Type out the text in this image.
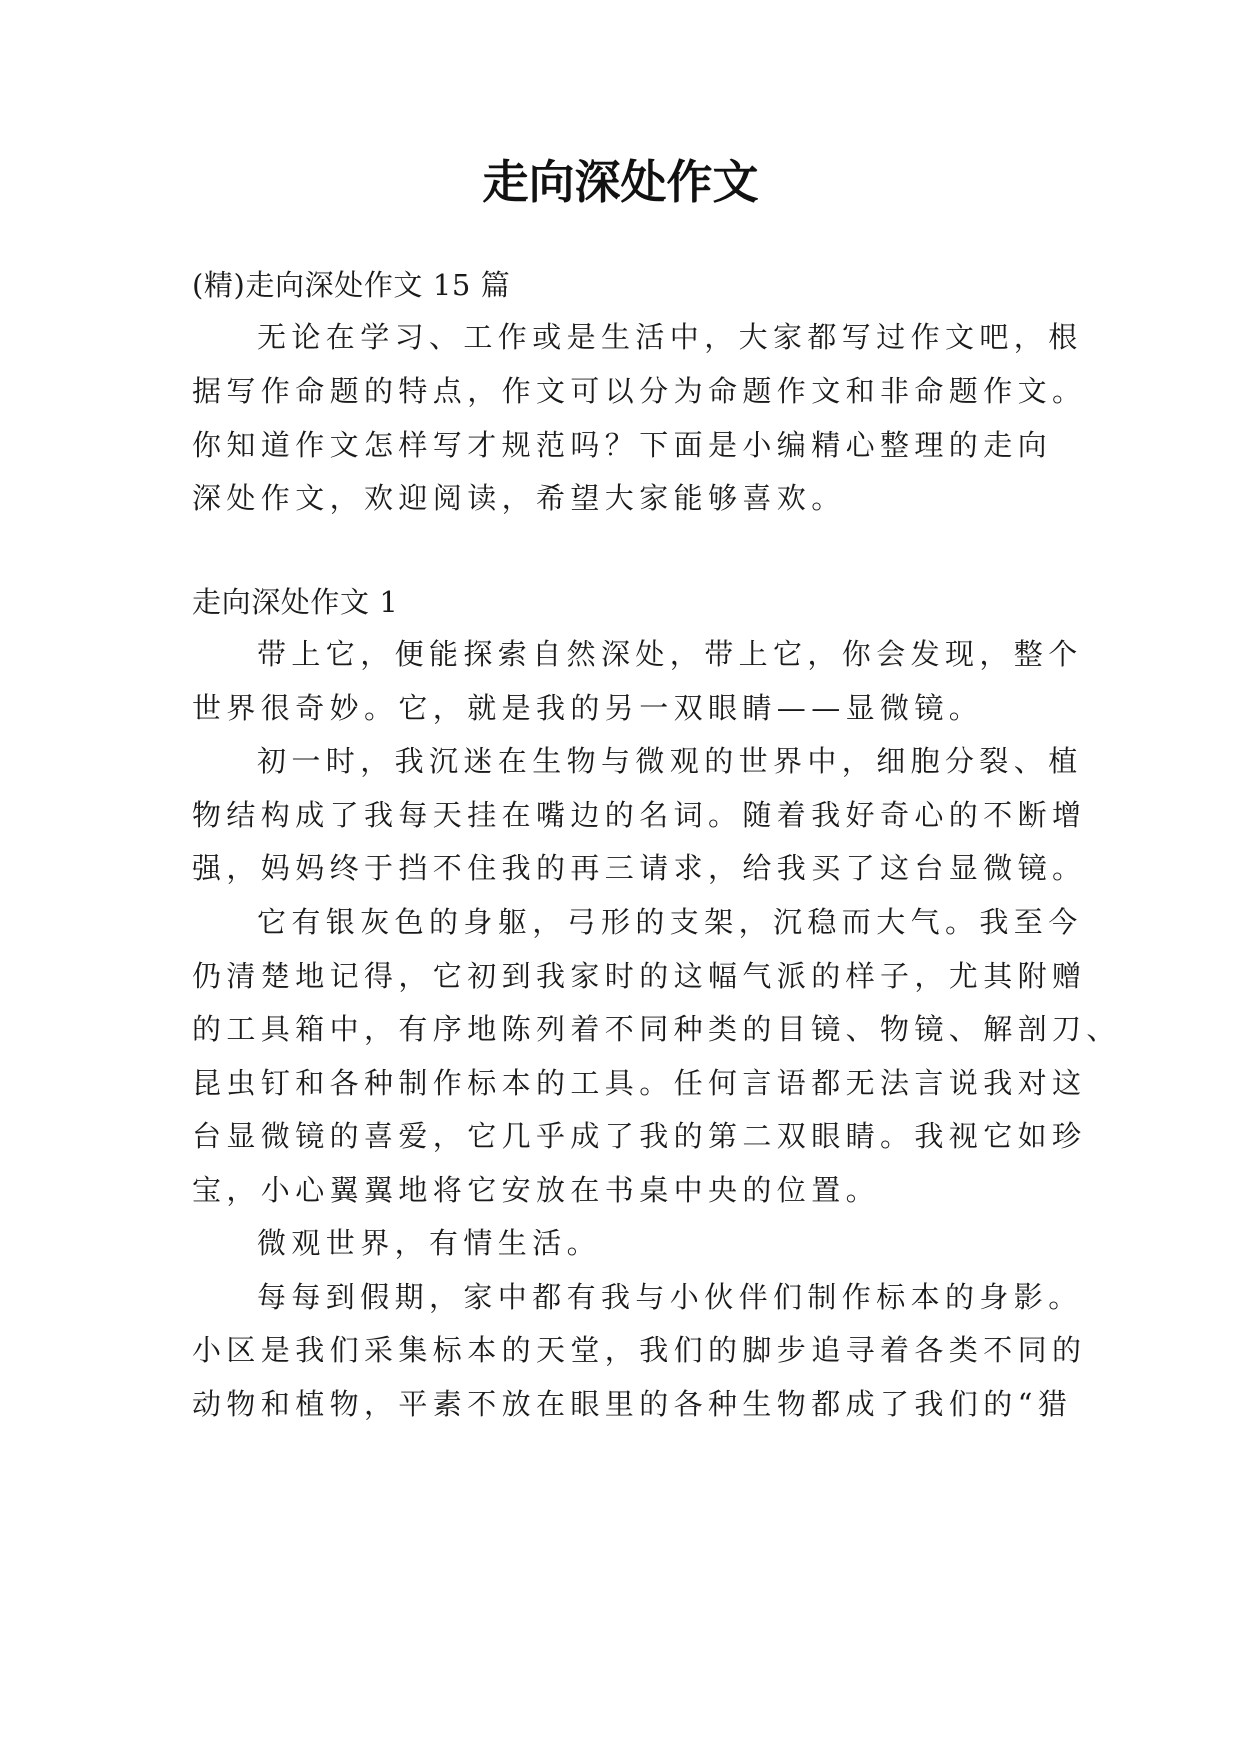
走向深处作文
(精)走向深处作文 15 篇
无论在学习、工作或是生活中，大家都写过作文吧，根
据写作命题的特点，作文可以分为命题作文和非命题作文。
你知道作文怎样写才规范吗？下面是小编精心整理的走向
深处作文，欢迎阅读，希望大家能够喜欢。
走向深处作文 1
带上它，便能探索自然深处，带上它，你会发现，整个
世界很奇妙。它，就是我的另一双眼睛——显微镜。
初一时，我沉迷在生物与微观的世界中，细胞分裂、植
物结构成了我每天挂在嘴边的名词。随着我好奇心的不断增
强，妈妈终于挡不住我的再三请求，给我买了这台显微镜。
它有银灰色的身躯，弓形的支架，沉稳而大气。我至今
仍清楚地记得，它初到我家时的这幅气派的样子，尤其附赠
的工具箱中，有序地陈列着不同种类的目镜、物镜、解剖刀、
昆虫钉和各种制作标本的工具。任何言语都无法言说我对这
台显微镜的喜爱，它几乎成了我的第二双眼睛。我视它如珍
宝，小心翼翼地将它安放在书桌中央的位置。
微观世界，有情生活。
每每到假期，家中都有我与小伙伴们制作标本的身影。
小区是我们采集标本的天堂，我们的脚步追寻着各类不同的
动物和植物，平素不放在眼里的各种生物都成了我们的“猎
